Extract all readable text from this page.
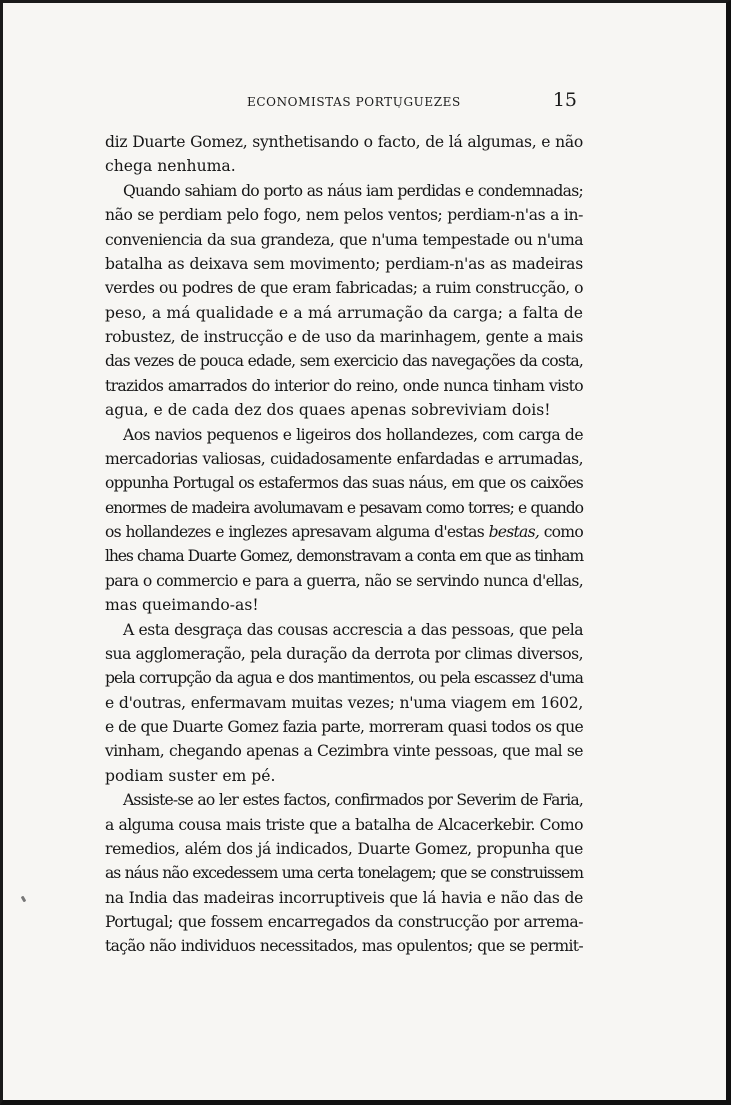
ECONOMISTAS PORTUGUEZES	15
diz Duarte Gomez, synthetisando o facto, de lá algumas, e não
chega nenhuma.
Quando sahiam do porto as náus iam perdidas e condemnadas;
não se perdiam pelo fogo, nem pelos ventos; perdiam-n'as a in-
conveniencia da sua grandeza, que n'uma tempestade ou n'uma
batalha as deixava sem movimento; perdiam-n'as as madeiras
verdes ou podres de que eram fabricadas; a ruim construcção, o
peso, a má qualidade e a má arrumação da carga; a falta de
robustez, de instrucção e de uso da marinhagem, gente a mais
das vezes de pouca edade, sem exercicio das navegações da costa,
trazidos amarrados do interior do reino, onde nunca tinham visto
agua, e de cada dez dos quaes apenas sobreviviam dois!
Aos navios pequenos e ligeiros dos hollandezes, com carga de
mercadorias valiosas, cuidadosamente enfardadas e arrumadas,
oppunha Portugal os estafermos das suas náus, em que os caixões
enormes de madeira avolumavam e pesavam como torres; e quando
os hollandezes e inglezes apresavam alguma d'estas bestas, como
lhes chama Duarte Gomez, demonstravam a conta em que as tinham
para o commercio e para a guerra, não se servindo nunca d'ellas,
mas queimando-as!
A esta desgraça das cousas accrescia a das pessoas, que pela
sua agglomeração, pela duração da derrota por climas diversos,
pela corrupção da agua e dos mantimentos, ou pela escassez d'uma
e d'outras, enfermavam muitas vezes; n'uma viagem em 1602,
e de que Duarte Gomez fazia parte, morreram quasi todos os que
vinham, chegando apenas a Cezimbra vinte pessoas, que mal se
podiam suster em pé.
Assiste-se ao ler estes factos, confirmados por Severim de Faria,
a alguma cousa mais triste que a batalha de Alcacerkebir. Como
remedios, além dos já indicados, Duarte Gomez, propunha que
as náus não excedessem uma certa tonelagem; que se construissem
na India das madeiras incorruptiveis que lá havia e não das de
Portugal; que fossem encarregados da construcção por arrema-
tação não individuos necessitados, mas opulentos; que se permit-
